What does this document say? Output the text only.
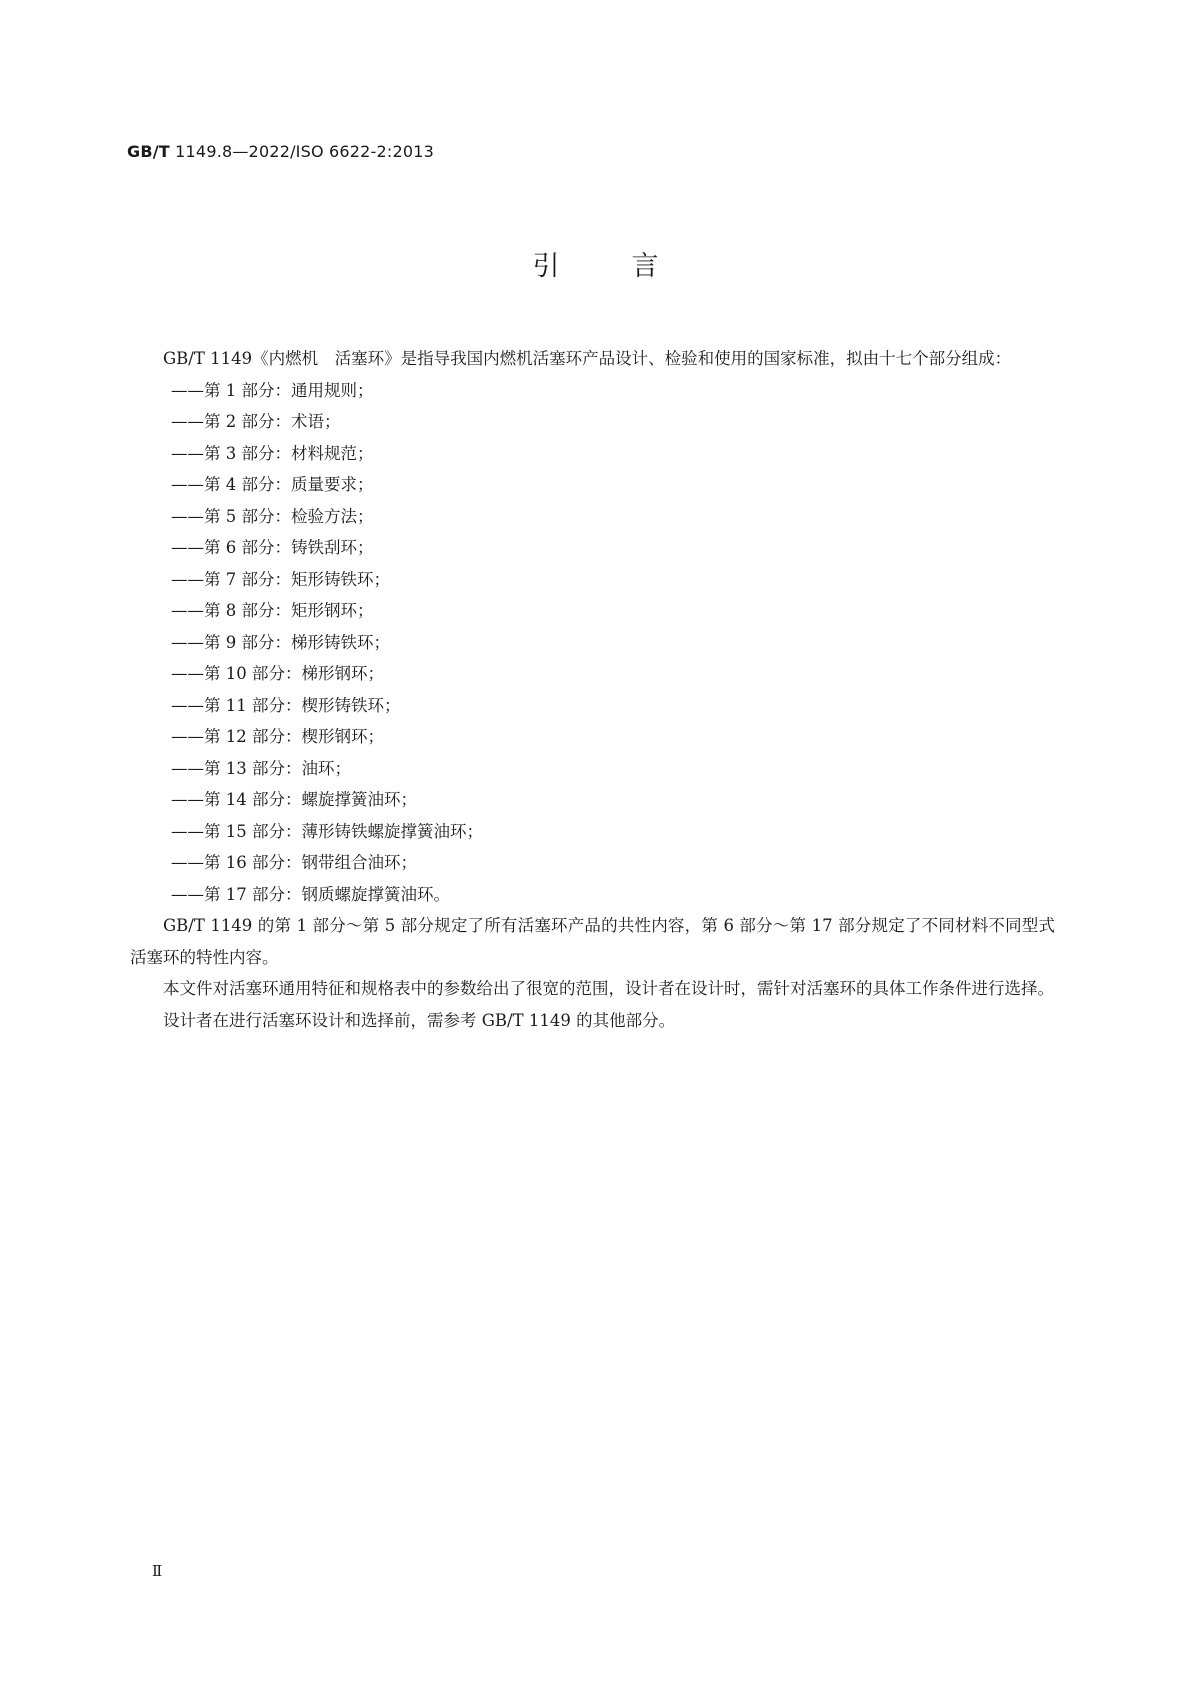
GB/T 1149.8—2022/ISO 6622-2:2013
引	言

GB/T 1149《内燃机　活塞环》是指导我国内燃机活塞环产品设计、检验和使用的国家标准，拟由十七个部分组成：

——第 1 部分：通用规则；
——第 2 部分：术语；
——第 3 部分：材料规范；
——第 4 部分：质量要求；
——第 5 部分：检验方法；
——第 6 部分：铸铁刮环；
——第 7 部分：矩形铸铁环；
——第 8 部分：矩形钢环；
——第 9 部分：梯形铸铁环；
——第 10 部分：梯形钢环；
——第 11 部分：楔形铸铁环；
——第 12 部分：楔形钢环；
——第 13 部分：油环；
——第 14 部分：螺旋撑簧油环；
——第 15 部分：薄形铸铁螺旋撑簧油环；
——第 16 部分：钢带组合油环；
——第 17 部分：钢质螺旋撑簧油环。

GB/T 1149 的第 1 部分～第 5 部分规定了所有活塞环产品的共性内容，第 6 部分～第 17 部分规定了不同材料不同型式活塞环的特性内容。

本文件对活塞环通用特征和规格表中的参数给出了很宽的范围，设计者在设计时，需针对活塞环的具体工作条件进行选择。

设计者在进行活塞环设计和选择前，需参考 GB/T 1149 的其他部分。

Ⅱ
